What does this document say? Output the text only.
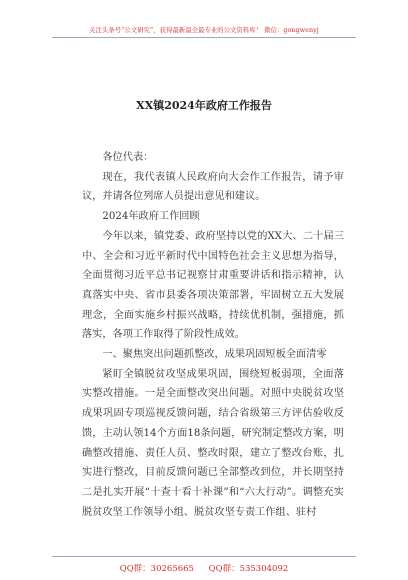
关注头条号“公文研究”，获得最新最全最专业的公文资料库！ 微信：gongwenyj
XX镇2024年政府工作报告

各位代表：

现在，我代表镇人民政府向大会作工作报告，请予审议，并请各位列席人员提出意见和建议。

2024年政府工作回顾

今年以来，镇党委、政府坚持以党的XX大、二十届三中、全会和习近平新时代中国特色社会主义思想为指导，全面贯彻习近平总书记视察甘肃重要讲话和指示精神，认真落实中央、省市县委各项决策部署，牢固树立五大发展理念，全面实施乡村振兴战略，持续优机制，强措施，抓落实，各项工作取得了阶段性成效。

一、聚焦突出问题抓整改，成果巩固短板全面清零

紧盯全镇脱贫攻坚成果巩固，围绕短板弱项，全面落实整改措施。一是全面整改突出问题。对照中央脱贫攻坚成果巩固专项巡视反馈问题，结合省级第三方评估验收反馈，主动认领14个方面18条问题，研究制定整改方案，明确整改措施、责任人员、整改时限，建立了整改台账，扎实进行整改，目前反馈问题已全部整改到位，并长期坚持二是扎实开展“十查十看十补课”和“六大行动”。调整充实脱贫攻坚工作领导小组、脱贫攻坚专责工作组、驻村

QQ群：30265665 QQ群：535304092
